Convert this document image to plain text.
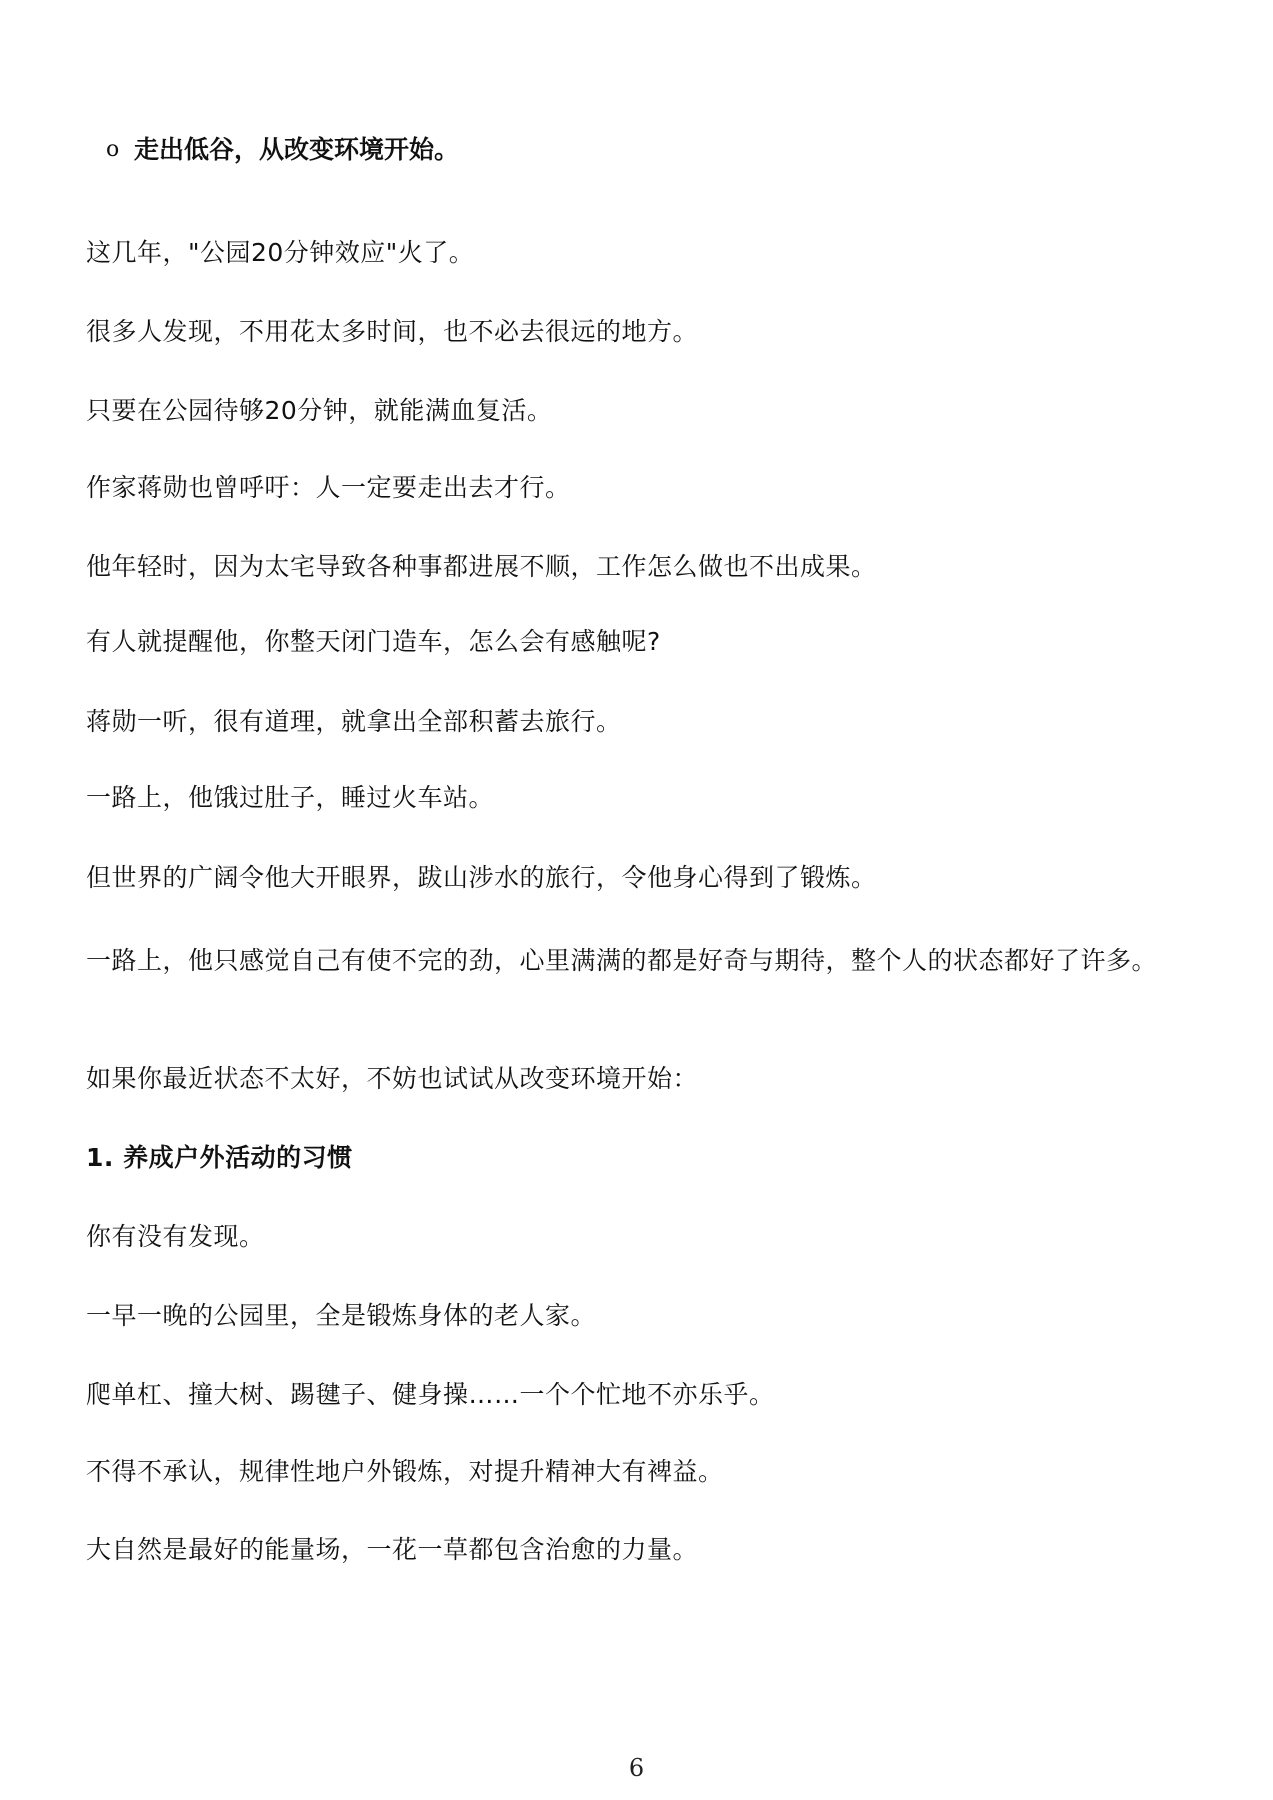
o 走出低谷，从改变环境开始。
这几年，"公园20分钟效应"火了。
很多人发现，不用花太多时间，也不必去很远的地方。
只要在公园待够20分钟，就能满血复活。
作家蒋勋也曾呼吁：人一定要走出去才行。
他年轻时，因为太宅导致各种事都进展不顺，工作怎么做也不出成果。
有人就提醒他，你整天闭门造车，怎么会有感触呢?
蒋勋一听，很有道理，就拿出全部积蓄去旅行。
一路上，他饿过肚子，睡过火车站。
但世界的广阔令他大开眼界，跋山涉水的旅行，令他身心得到了锻炼。
一路上，他只感觉自己有使不完的劲，心里满满的都是好奇与期待，整个人的状态都好了许多。
如果你最近状态不太好，不妨也试试从改变环境开始：
1. 养成户外活动的习惯
你有没有发现。
一早一晚的公园里，全是锻炼身体的老人家。
爬单杠、撞大树、踢毽子、健身操……一个个忙地不亦乐乎。
不得不承认，规律性地户外锻炼，对提升精神大有裨益。
大自然是最好的能量场，一花一草都包含治愈的力量。
6
